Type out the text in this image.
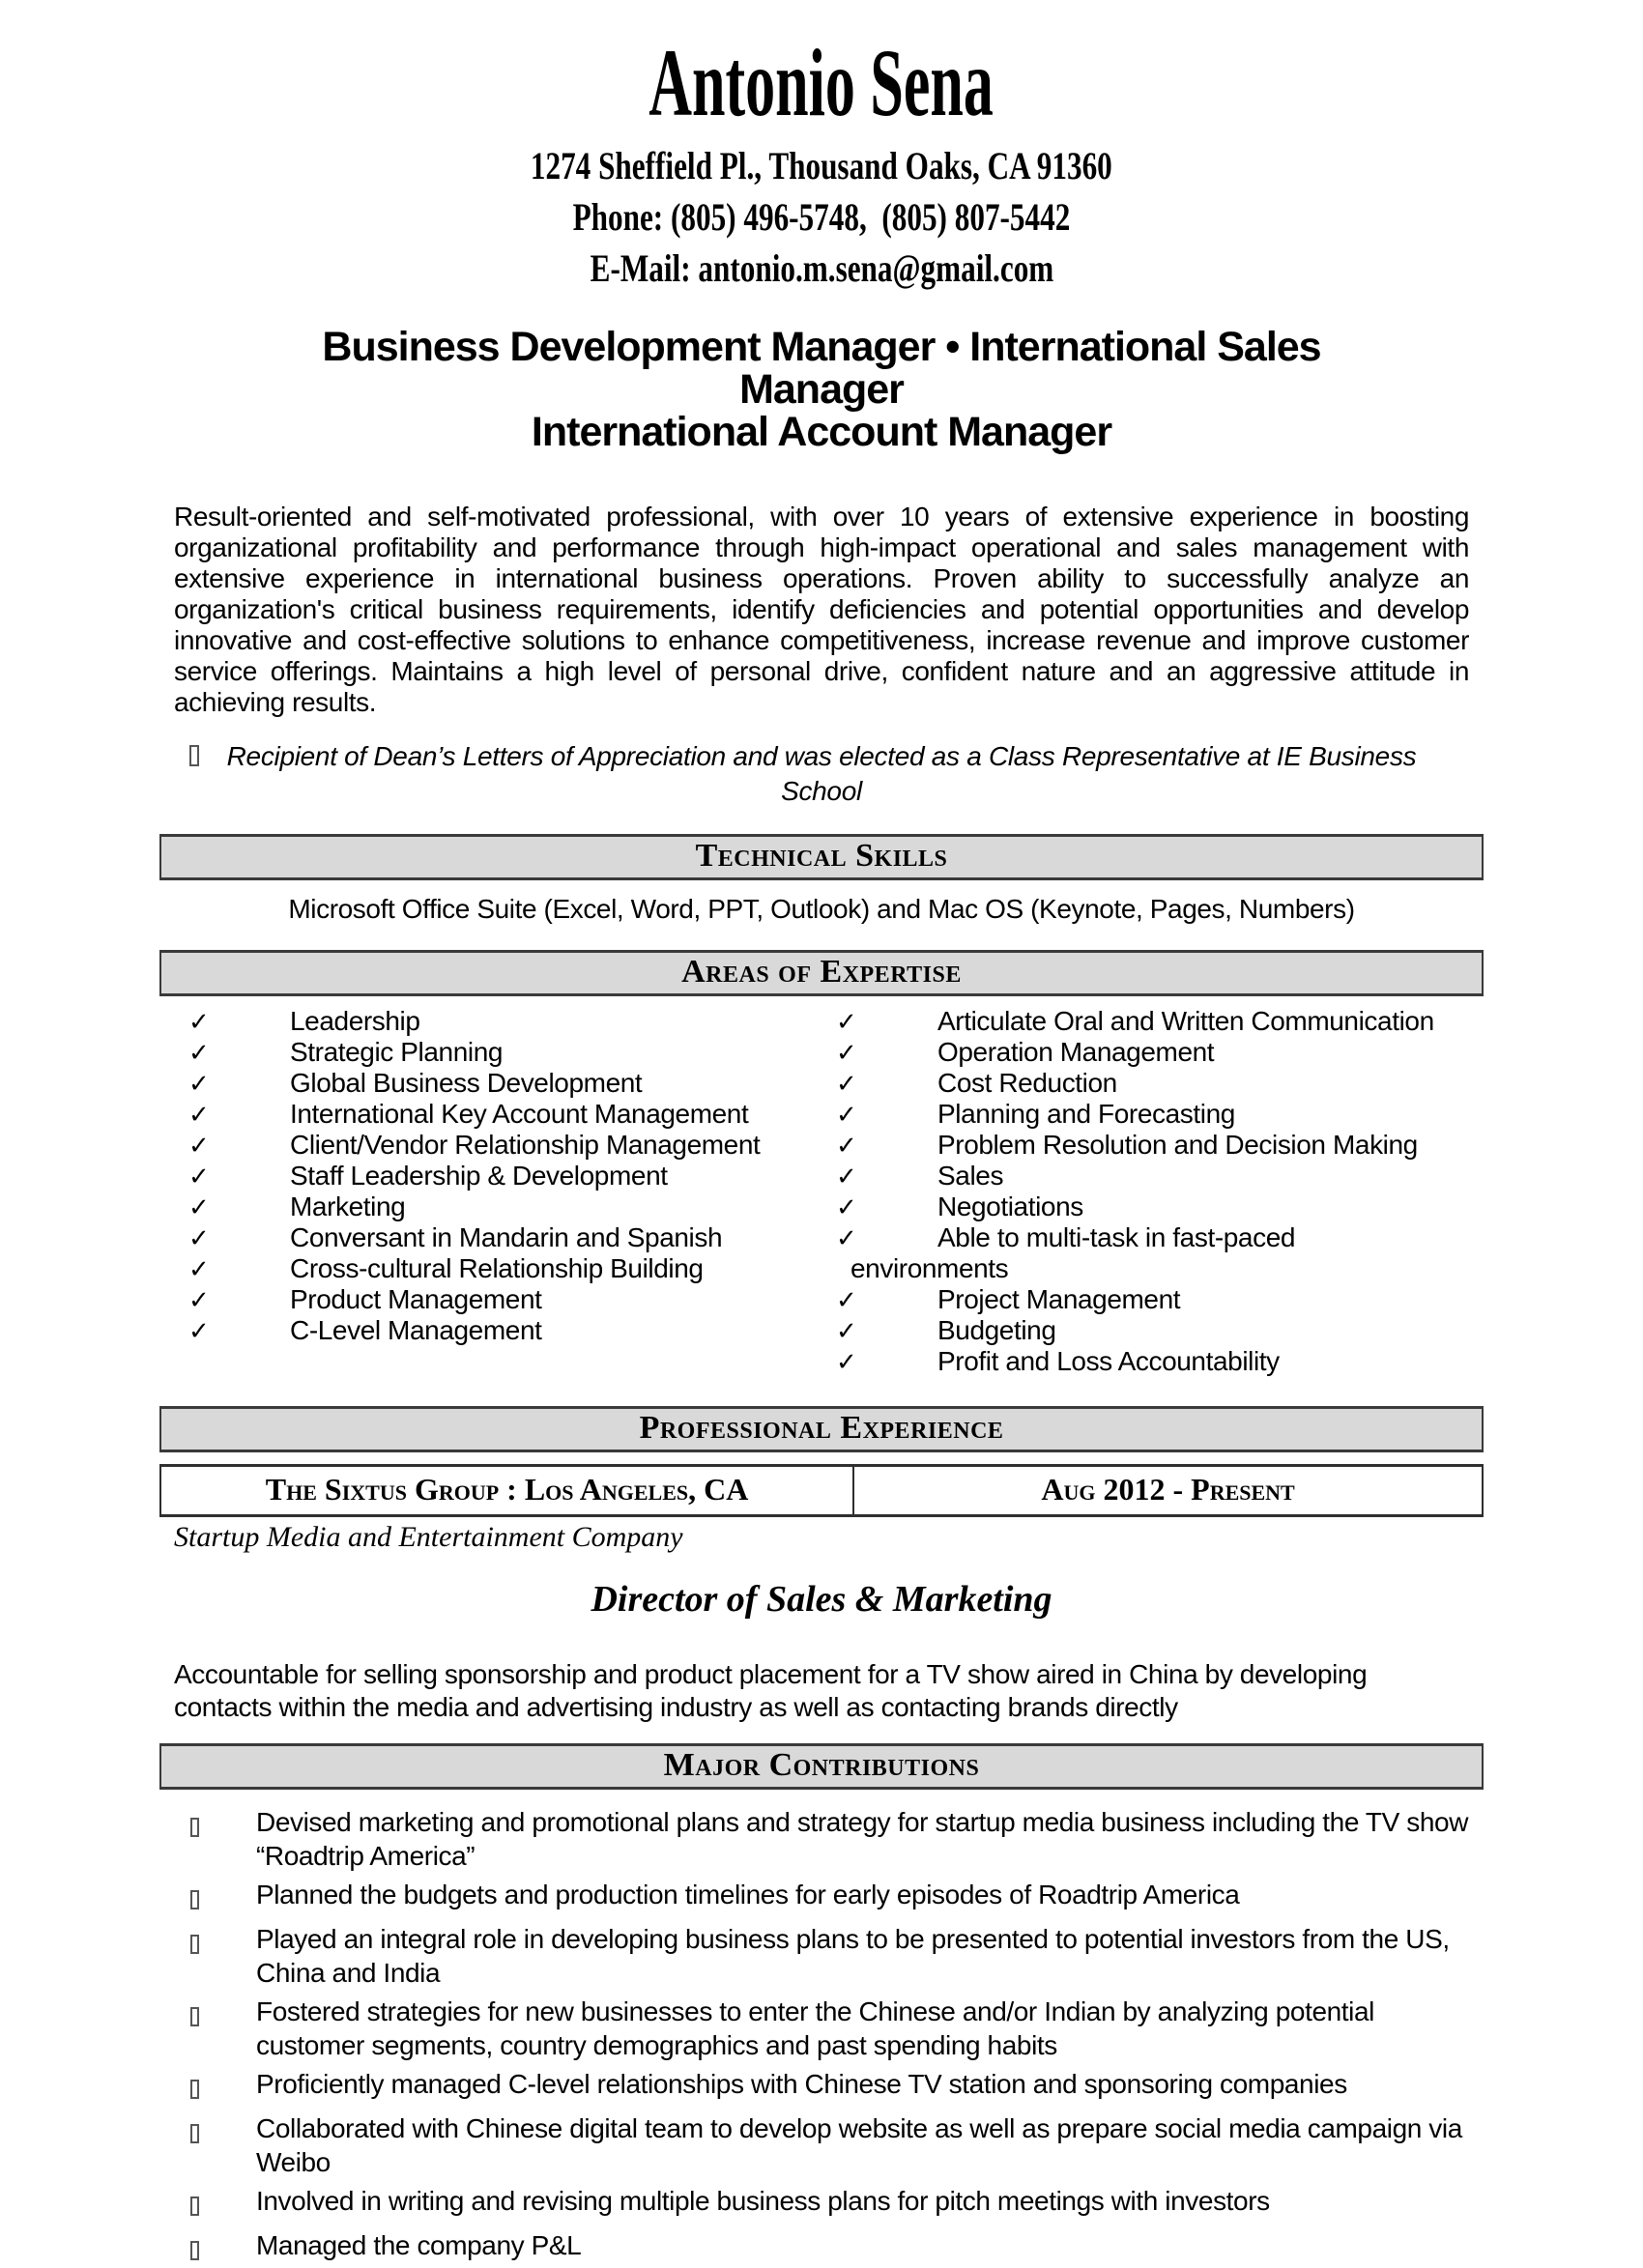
Antonio Sena
1274 Sheffield Pl., Thousand Oaks, CA 91360
Phone: (805) 496-5748,  (805) 807-5442
E-Mail: antonio.m.sena@gmail.com
Business Development Manager • International Sales Manager
International Account Manager

Result-oriented and self-motivated professional, with over 10 years of extensive experience in boosting organizational profitability and performance through high-impact operational and sales management with extensive experience in international business operations. Proven ability to successfully analyze an organization's critical business requirements, identify deficiencies and potential opportunities and develop innovative and cost-effective solutions to enhance competitiveness, increase revenue and improve customer service offerings. Maintains a high level of personal drive, confident nature and an aggressive attitude in achieving results.

Recipient of Dean’s Letters of Appreciation and was elected as a Class Representative at IE Business School
Technical Skills

Microsoft Office Suite (Excel, Word, PPT, Outlook) and Mac OS (Keynote, Pages, Numbers)

Areas of Expertise
✓	Leadership
✓	Strategic Planning
✓	Global Business Development
✓	International Key Account Management
✓	Client/Vendor Relationship Management
✓	Staff Leadership & Development
✓	Marketing
✓	Conversant in Mandarin and Spanish
✓	Cross-cultural Relationship Building
✓	Product Management
✓	C-Level Management
✓	Articulate Oral and Written Communication
✓	Operation Management
✓	Cost Reduction
✓	Planning and Forecasting
✓	Problem Resolution and Decision Making
✓	Sales
✓	Negotiations
✓	Able to multi-task in fast-paced
environments
✓	Project Management
✓	Budgeting
✓	Profit and Loss Accountability
Professional Experience
The Sixtus Group : Los Angeles, CA	Aug 2012 - Present
Startup Media and Entertainment Company
Director of Sales & Marketing

Accountable for selling sponsorship and product placement for a TV show aired in China by developing contacts within the media and advertising industry as well as contacting brands directly

Major Contributions
Devised marketing and promotional plans and strategy for startup media business including the TV show “Roadtrip America”
Planned the budgets and production timelines for early episodes of Roadtrip America
Played an integral role in developing business plans to be presented to potential investors from the US, China and India
Fostered strategies for new businesses to enter the Chinese and/or Indian by analyzing potential customer segments, country demographics and past spending habits
Proficiently managed C-level relationships with Chinese TV station and sponsoring companies
Collaborated with Chinese digital team to develop website as well as prepare social media campaign via Weibo
Involved in writing and revising multiple business plans for pitch meetings with investors
Managed the company P&L
